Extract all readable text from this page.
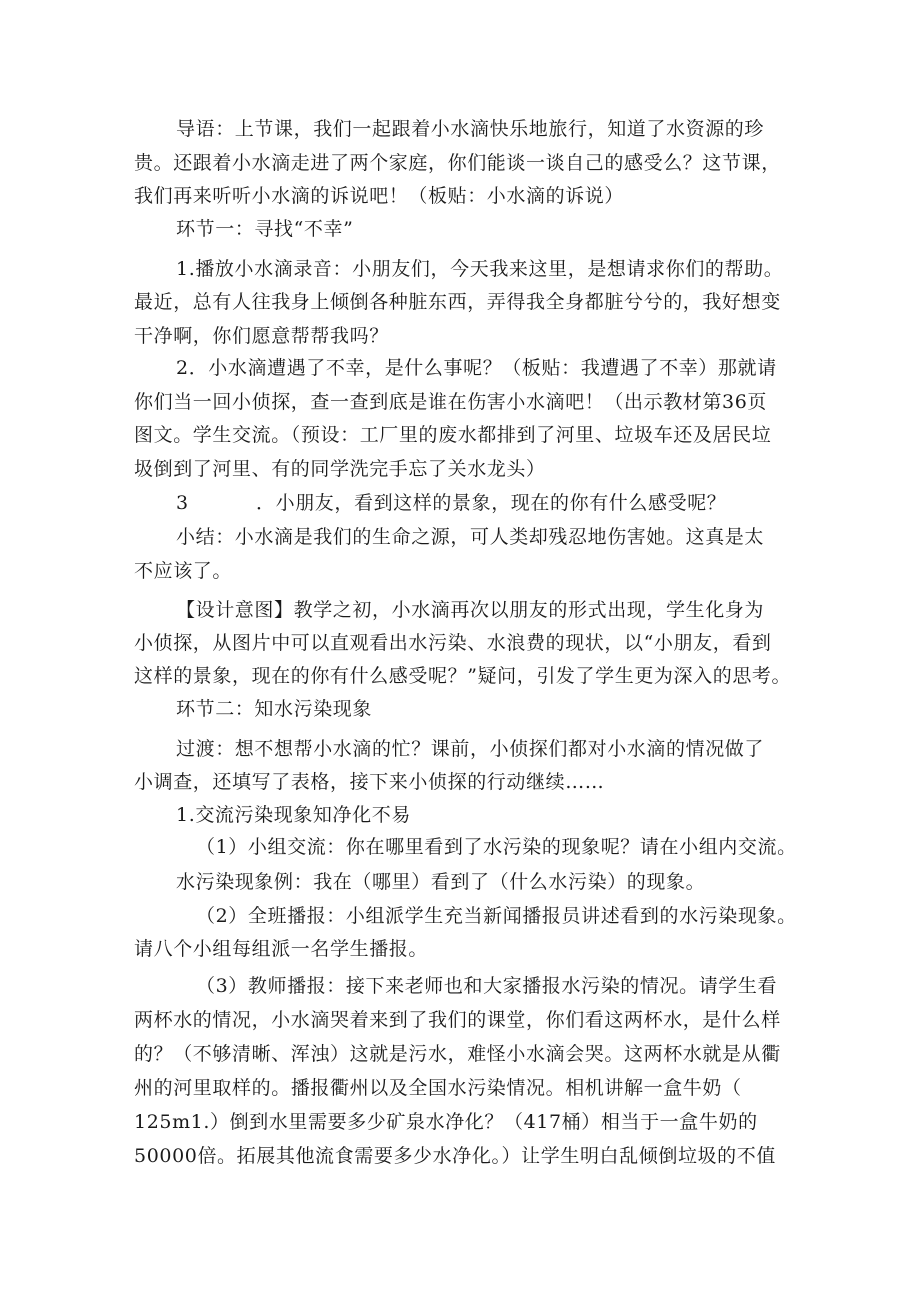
导语：上节课，我们一起跟着小水滴快乐地旅行，知道了水资源的珍
贵。还跟着小水滴走进了两个家庭，你们能谈一谈自己的感受么？这节课，
我们再来听听小水滴的诉说吧！（板贴：小水滴的诉说）
环节一：寻找“不幸”
1.播放小水滴录音：小朋友们，今天我来这里，是想请求你们的帮助。
最近，总有人往我身上倾倒各种脏东西，弄得我全身都脏兮兮的，我好想变
干净啊，你们愿意帮帮我吗？
2．小水滴遭遇了不幸，是什么事呢？（板贴：我遭遇了不幸）那就请
你们当一回小侦探，查一查到底是谁在伤害小水滴吧！（出示教材第36页
图文。学生交流。（预设：工厂里的废水都排到了河里、垃圾车还及居民垃
圾倒到了河里、有的同学洗完手忘了关水龙头）
3	．小朋友，看到这样的景象，现在的你有什么感受呢？
小结：小水滴是我们的生命之源，可人类却残忍地伤害她。这真是太
不应该了。
【设计意图】教学之初，小水滴再次以朋友的形式出现，学生化身为
小侦探，从图片中可以直观看出水污染、水浪费的现状，以“小朋友，看到
这样的景象，现在的你有什么感受呢？”疑问，引发了学生更为深入的思考。
环节二：知水污染现象
过渡：想不想帮小水滴的忙？课前，小侦探们都对小水滴的情况做了
小调查，还填写了表格，接下来小侦探的行动继续……
1.交流污染现象知净化不易
（1）小组交流：你在哪里看到了水污染的现象呢？请在小组内交流。
水污染现象例：我在（哪里）看到了（什么水污染）的现象。
（2）全班播报：小组派学生充当新闻播报员讲述看到的水污染现象。
请八个小组每组派一名学生播报。
（3）教师播报：接下来老师也和大家播报水污染的情况。请学生看
两杯水的情况，小水滴哭着来到了我们的课堂，你们看这两杯水，是什么样
的？（不够清晰、浑浊）这就是污水，难怪小水滴会哭。这两杯水就是从衢
州的河里取样的。播报衢州以及全国水污染情况。相机讲解一盒牛奶（
125m1.）倒到水里需要多少矿泉水净化？（417桶）相当于一盒牛奶的
50000倍。拓展其他流食需要多少水净化。）让学生明白乱倾倒垃圾的不值
